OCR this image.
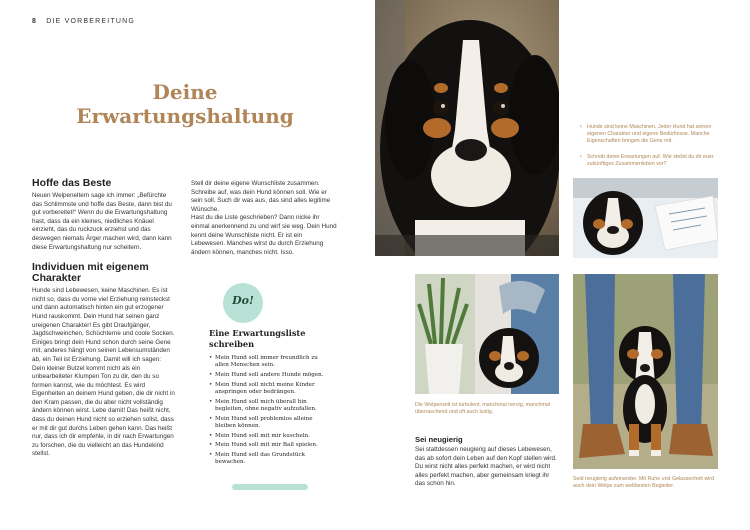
8 DIE VORBEREITUNG
Deine
Erwartungshaltung
Hoffe das Beste

Neuen Welpeneltern sage ich immer: „Befürchte das Schlimmste und hoffe das Beste, dann bist du gut vorbereitet!“ Wenn du die Erwartungshaltung hast, dass da ein kleines, niedliches Knäuel einzieht, das du ruckzuck erziehst und das deswegen niemals Ärger machen wird, dann kann diese Erwartungshaltung nur scheitern.

Individuen mit eigenem Charakter

Hunde sind Lebewesen, keine Maschinen. Es ist nicht so, dass du vorne viel Erziehung reinsteckst und dann automatisch hinten ein gut erzogener Hund rauskommt. Dein Hund hat seinen ganz ureigenen Charakter! Es gibt Draufgänger, Jagdschweinchen, Schüchterne und coole Socken. Einiges bringt dein Hund schon durch seine Gene mit, anderes hängt von seinen Lebensumständen ab, ein Teil ist Erziehung. Damit will ich sagen: Dein kleiner Butzel kommt nicht als ein unbearbeiteter Klumpen Ton zu dir, den du so formen kannst, wie du möchtest. Es wird Eigenheiten an deinem Hund geben, die dir nicht in den Kram passen, die du aber nicht vollständig ändern können wirst. Lebe damit! Das heißt nicht, dass du deinen Hund nicht so erziehen sollst, dass er mit dir gut durchs Leben gehen kann. Das heißt nur, dass ich dir empfehle, in dir nach Erwartungen zu forschen, die du vielleicht an das Hundekind stellst.

Stell dir deine eigene Wunschliste zusammen. Schreibe auf, was dein Hund können soll. Wie er sein soll. Such dir was aus, das sind alles legitime Wünsche.
Hast du die Liste geschrieben? Dann nicke ihr einmal anerkennend zu und wirf sie weg. Dein Hund kennt deine Wunschliste nicht. Er ist ein Lebewesen. Manches wirst du durch Erziehung ändern können, manches nicht. Isso.

Do!
Eine Erwartungsliste schreiben
• Mein Hund soll immer freundlich zu allen Menschen sein.
• Mein Hund soll andere Hunde mögen.
• Mein Hund soll nicht meine Kinder anspringen oder bedrängen.
• Mein Hund soll mich überall hin begleiten, ohne negativ aufzufallen.
• Mein Hund soll problemlos alleine bleiben können.
• Mein Hund soll mit mir kuscheln.
• Mein Hund soll mit mir Ball spielen.
• Mein Hund soll das Grundstück bewachen.
‹ Hunde sind keine Maschinen. Jeder Hund hat seinen eigenen Charakter und eigene Bedürfnisse. Manche Eigenschaften bringen die Gene mit.
‹ Schreib deine Erwartungen auf. Wie stellst du dir euer zukünftiges Zusammenleben vor?
Die Welpenzeit ist turbulent, manchmal nervig, manchmal überraschend und oft auch lustig.
Seid neugierig aufeinander. Mit Ruhe und Gelassenheit wird auch dein Welpe zum weltbesten Begleiter.
Sei neugierig
Sei stattdessen neugierig auf dieses Lebewesen, das ab sofort dein Leben auf den Kopf stellen wird. Du wirst nicht alles perfekt machen, er wird nicht alles perfekt machen, aber gemeinsam kriegt ihr das schon hin.
